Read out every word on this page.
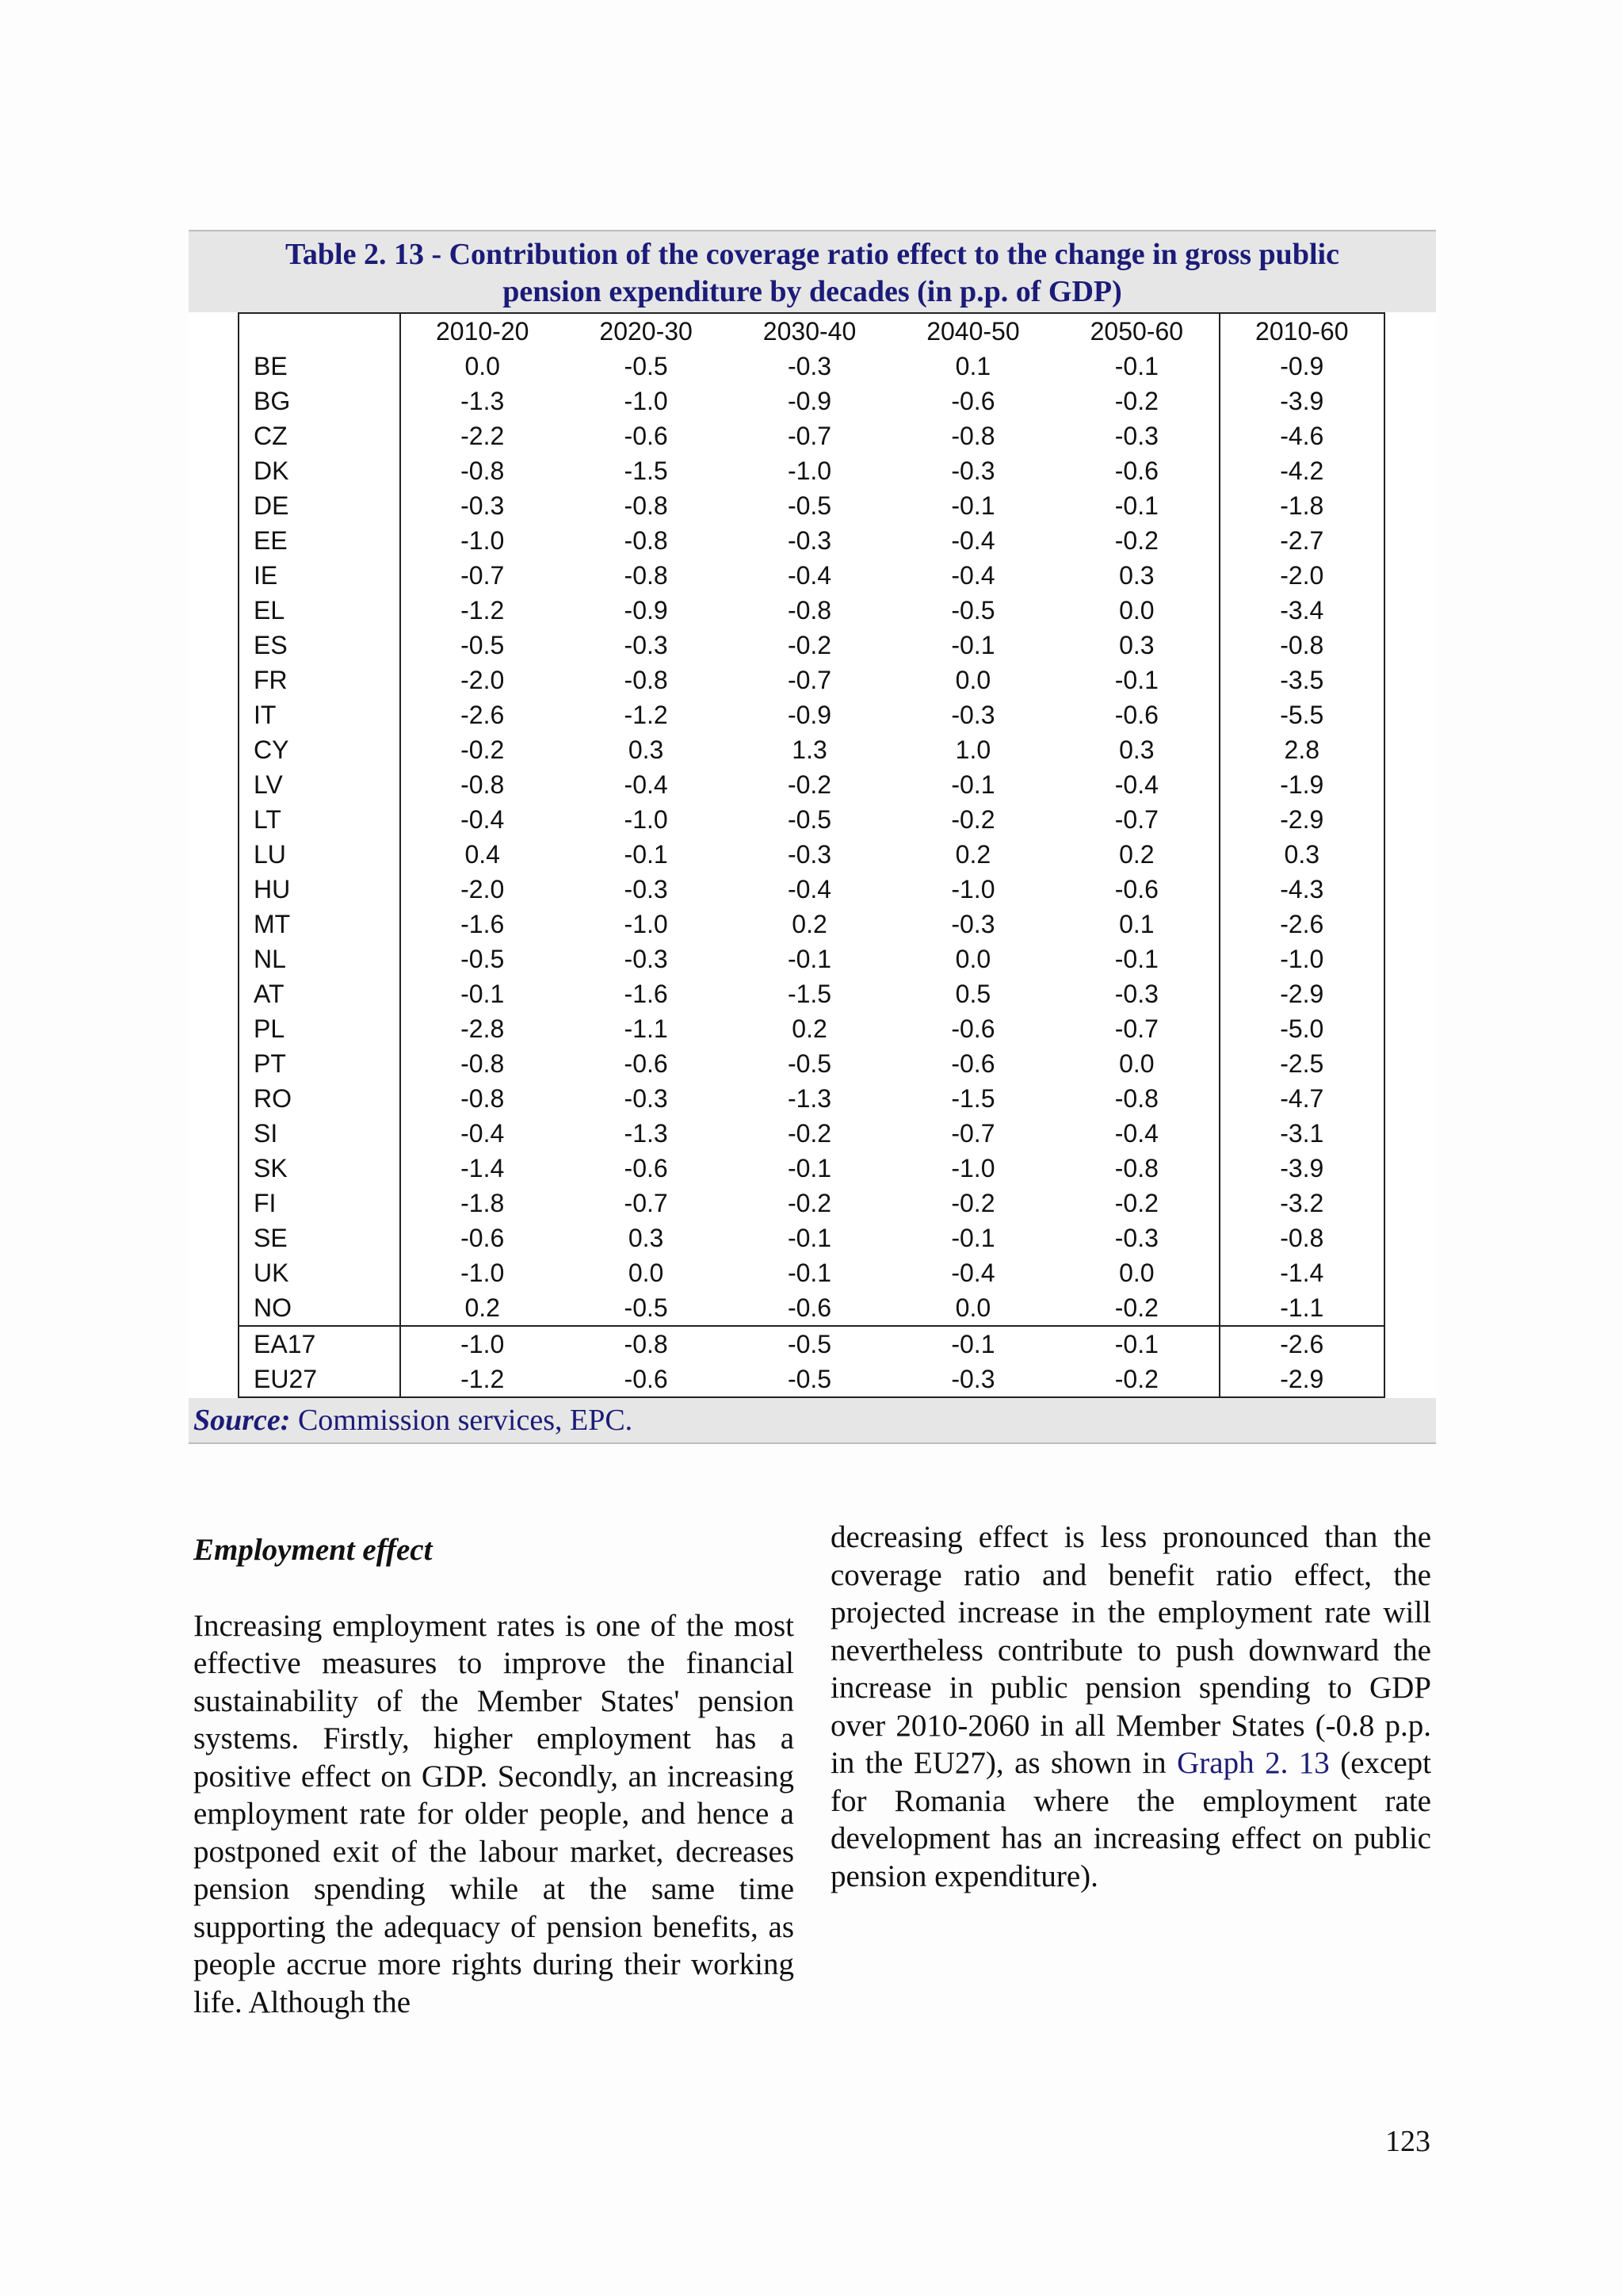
Table 2. 13 - Contribution of the coverage ratio effect to the change in gross public
pension expenditure by decades (in p.p. of GDP)
	2010-20	2020-30	2030-40	2040-50	2050-60	2010-60
BE	0.0	-0.5	-0.3	0.1	-0.1	-0.9
BG	-1.3	-1.0	-0.9	-0.6	-0.2	-3.9
CZ	-2.2	-0.6	-0.7	-0.8	-0.3	-4.6
DK	-0.8	-1.5	-1.0	-0.3	-0.6	-4.2
DE	-0.3	-0.8	-0.5	-0.1	-0.1	-1.8
EE	-1.0	-0.8	-0.3	-0.4	-0.2	-2.7
IE	-0.7	-0.8	-0.4	-0.4	0.3	-2.0
EL	-1.2	-0.9	-0.8	-0.5	0.0	-3.4
ES	-0.5	-0.3	-0.2	-0.1	0.3	-0.8
FR	-2.0	-0.8	-0.7	0.0	-0.1	-3.5
IT	-2.6	-1.2	-0.9	-0.3	-0.6	-5.5
CY	-0.2	0.3	1.3	1.0	0.3	2.8
LV	-0.8	-0.4	-0.2	-0.1	-0.4	-1.9
LT	-0.4	-1.0	-0.5	-0.2	-0.7	-2.9
LU	0.4	-0.1	-0.3	0.2	0.2	0.3
HU	-2.0	-0.3	-0.4	-1.0	-0.6	-4.3
MT	-1.6	-1.0	0.2	-0.3	0.1	-2.6
NL	-0.5	-0.3	-0.1	0.0	-0.1	-1.0
AT	-0.1	-1.6	-1.5	0.5	-0.3	-2.9
PL	-2.8	-1.1	0.2	-0.6	-0.7	-5.0
PT	-0.8	-0.6	-0.5	-0.6	0.0	-2.5
RO	-0.8	-0.3	-1.3	-1.5	-0.8	-4.7
SI	-0.4	-1.3	-0.2	-0.7	-0.4	-3.1
SK	-1.4	-0.6	-0.1	-1.0	-0.8	-3.9
FI	-1.8	-0.7	-0.2	-0.2	-0.2	-3.2
SE	-0.6	0.3	-0.1	-0.1	-0.3	-0.8
UK	-1.0	0.0	-0.1	-0.4	0.0	-1.4
NO	0.2	-0.5	-0.6	0.0	-0.2	-1.1
EA17	-1.0	-0.8	-0.5	-0.1	-0.1	-2.6
EU27	-1.2	-0.6	-0.5	-0.3	-0.2	-2.9
Source: Commission services, EPC.

Employment effect

Increasing employment rates is one of the most effective measures to improve the financial sustainability of the Member States' pension systems. Firstly, higher employment has a positive effect on GDP. Secondly, an increasing employment rate for older people, and hence a postponed exit of the labour market, decreases pension spending while at the same time supporting the adequacy of pension benefits, as people accrue more rights during their working life. Although the

decreasing effect is less pronounced than the coverage ratio and benefit ratio effect, the projected increase in the employment rate will nevertheless contribute to push downward the increase in public pension spending to GDP over 2010-2060 in all Member States (-0.8 p.p. in the EU27), as shown in Graph 2. 13 (except for Romania where the employment rate development has an increasing effect on public pension expenditure).

123
